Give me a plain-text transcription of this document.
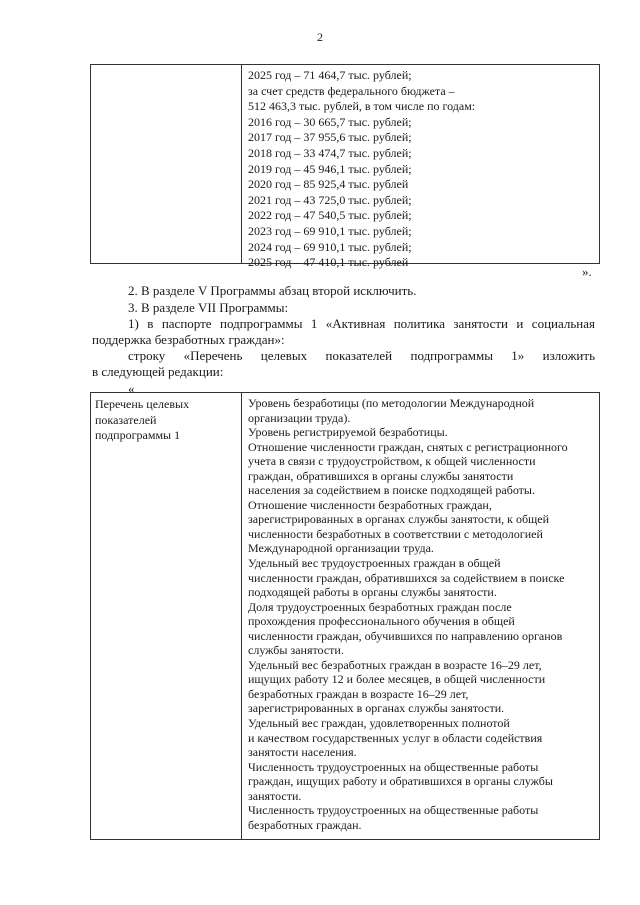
2
2025 год – 71 464,7 тыс. рублей;
за счет средств федерального бюджета –
512 463,3 тыс. рублей, в том числе по годам:
2016 год – 30 665,7 тыс. рублей;
2017 год – 37 955,6 тыс. рублей;
2018 год – 33 474,7 тыс. рублей;
2019 год – 45 946,1 тыс. рублей;
2020 год – 85 925,4 тыс. рублей
2021 год – 43 725,0 тыс. рублей;
2022 год – 47 540,5 тыс. рублей;
2023 год – 69 910,1 тыс. рублей;
2024 год – 69 910,1 тыс. рублей;
2025 год – 47 410,1 тыс. рублей
».
2. В разделе V Программы абзац второй исключить.
3. В разделе VII Программы:
1) в паспорте подпрограммы 1 «Активная политика занятости и социальная
поддержка безработных граждан»:
строку «Перечень целевых показателей подпрограммы 1» изложить
в следующей редакции:
«
Перечень целевых
показателей
подпрограммы 1
Уровень безработицы (по методологии Международной
организации труда).
Уровень регистрируемой безработицы.
Отношение численности граждан, снятых с регистрационного
учета в связи с трудоустройством, к общей численности
граждан, обратившихся в органы службы занятости
населения за содействием в поиске подходящей работы.
Отношение численности безработных граждан,
зарегистрированных в органах службы занятости, к общей
численности безработных в соответствии с методологией
Международной организации труда.
Удельный вес трудоустроенных граждан в общей
численности граждан, обратившихся за содействием в поиске
подходящей работы в органы службы занятости.
Доля трудоустроенных безработных граждан после
прохождения профессионального обучения в общей
численности граждан, обучившихся по направлению органов
службы занятости.
Удельный вес безработных граждан в возрасте 16–29 лет,
ищущих работу 12 и более месяцев, в общей численности
безработных граждан в возрасте 16–29 лет,
зарегистрированных в органах службы занятости.
Удельный вес граждан, удовлетворенных полнотой
и качеством государственных услуг в области содействия
занятости населения.
Численность трудоустроенных на общественные работы
граждан, ищущих работу и обратившихся в органы службы
занятости.
Численность трудоустроенных на общественные работы
безработных граждан.
